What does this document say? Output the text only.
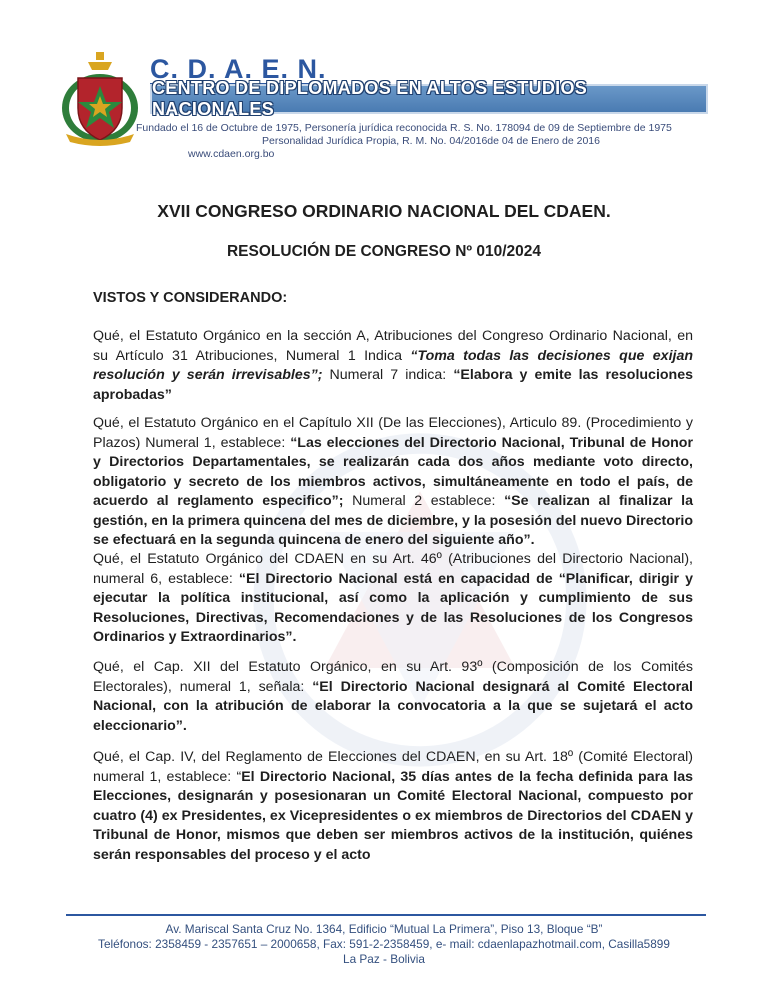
C. D. A. E. N.
CENTRO DE DIPLOMADOS EN ALTOS ESTUDIOS NACIONALES
Fundado el 16 de Octubre de 1975, Personería jurídica reconocida R. S. No. 178094 de 09 de Septiembre de 1975
Personalidad Jurídica Propia, R. M. No. 04/2016de 04 de Enero de 2016
www.cdaen.org.bo
XVII CONGRESO ORDINARIO NACIONAL DEL CDAEN.
RESOLUCIÓN DE CONGRESO Nº 010/2024
VISTOS Y CONSIDERANDO:
Qué, el Estatuto Orgánico en la sección A, Atribuciones del Congreso Ordinario Nacional, en su Artículo 31 Atribuciones, Numeral 1 Indica “Toma todas las decisiones que exijan resolución y serán irrevisables”; Numeral 7 indica: “Elabora y emite las resoluciones aprobadas”
Qué, el Estatuto Orgánico en el Capítulo XII (De las Elecciones), Articulo 89. (Procedimiento y Plazos) Numeral 1, establece: “Las elecciones del Directorio Nacional, Tribunal de Honor y Directorios Departamentales, se realizarán cada dos años mediante voto directo, obligatorio y secreto de los miembros activos, simultáneamente en todo el país, de acuerdo al reglamento especifico”; Numeral 2 establece: “Se realizan al finalizar la gestión, en la primera quincena del mes de diciembre, y la posesión del nuevo Directorio se efectuará en la segunda quincena de enero del siguiente año”.
Qué, el Estatuto Orgánico del CDAEN en su Art. 46º (Atribuciones del Directorio Nacional), numeral 6, establece: “El Directorio Nacional está en capacidad de “Planificar, dirigir y ejecutar la política institucional, así como la aplicación y cumplimiento de sus Resoluciones, Directivas, Recomendaciones y de las Resoluciones de los Congresos Ordinarios y Extraordinarios”.
Qué, el Cap. XII del Estatuto Orgánico, en su Art. 93º (Composición de los Comités Electorales), numeral 1, señala: “El Directorio Nacional designará al Comité Electoral Nacional, con la atribución de elaborar la convocatoria a la que se sujetará el acto eleccionario”.
Qué, el Cap. IV, del Reglamento de Elecciones del CDAEN, en su Art. 18º (Comité Electoral) numeral 1, establece: “El Directorio Nacional, 35 días antes de la fecha definida para las Elecciones, designarán y posesionaran un Comité Electoral Nacional, compuesto por cuatro (4) ex Presidentes, ex Vicepresidentes o ex miembros de Directorios del CDAEN y Tribunal de Honor, mismos que deben ser miembros activos de la institución, quiénes serán responsables del proceso y el acto
Av. Mariscal Santa Cruz No. 1364, Edificio “Mutual La Primera”, Piso 13, Bloque “B”
Teléfonos: 2358459 - 2357651 – 2000658, Fax: 591-2-2358459, e- mail: cdaenlapazhotmail.com, Casilla5899
La Paz - Bolivia
